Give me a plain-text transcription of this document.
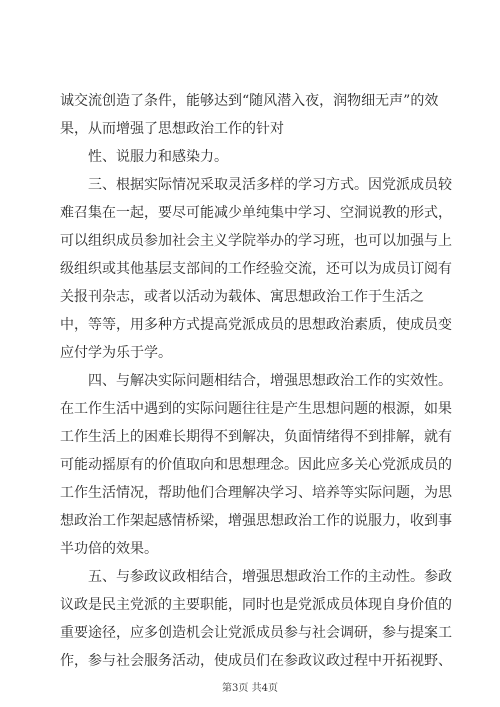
诚交流创造了条件，能够达到“随风潜入夜，润物细无声”的效
果，从而增强了思想政治工作的针对
性、说服力和感染力。
三、根据实际情况采取灵活多样的学习方式。因党派成员较
难召集在一起，要尽可能减少单纯集中学习、空洞说教的形式，
可以组织成员参加社会主义学院举办的学习班，也可以加强与上
级组织或其他基层支部间的工作经验交流，还可以为成员订阅有
关报刊杂志，或者以活动为载体、寓思想政治工作于生活之
中，等等，用多种方式提高党派成员的思想政治素质，使成员变
应付学为乐于学。
四、与解决实际问题相结合，增强思想政治工作的实效性。
在工作生活中遇到的实际问题往往是产生思想问题的根源，如果
工作生活上的困难长期得不到解决，负面情绪得不到排解，就有
可能动摇原有的价值取向和思想理念。因此应多关心党派成员的
工作生活情况，帮助他们合理解决学习、培养等实际问题，为思
想政治工作架起感情桥梁，增强思想政治工作的说服力，收到事
半功倍的效果。
五、与参政议政相结合，增强思想政治工作的主动性。参政
议政是民主党派的主要职能，同时也是党派成员体现自身价值的
重要途径，应多创造机会让党派成员参与社会调研，参与提案工
作，参与社会服务活动，使成员们在参政议政过程中开拓视野、
第3页 共4页
